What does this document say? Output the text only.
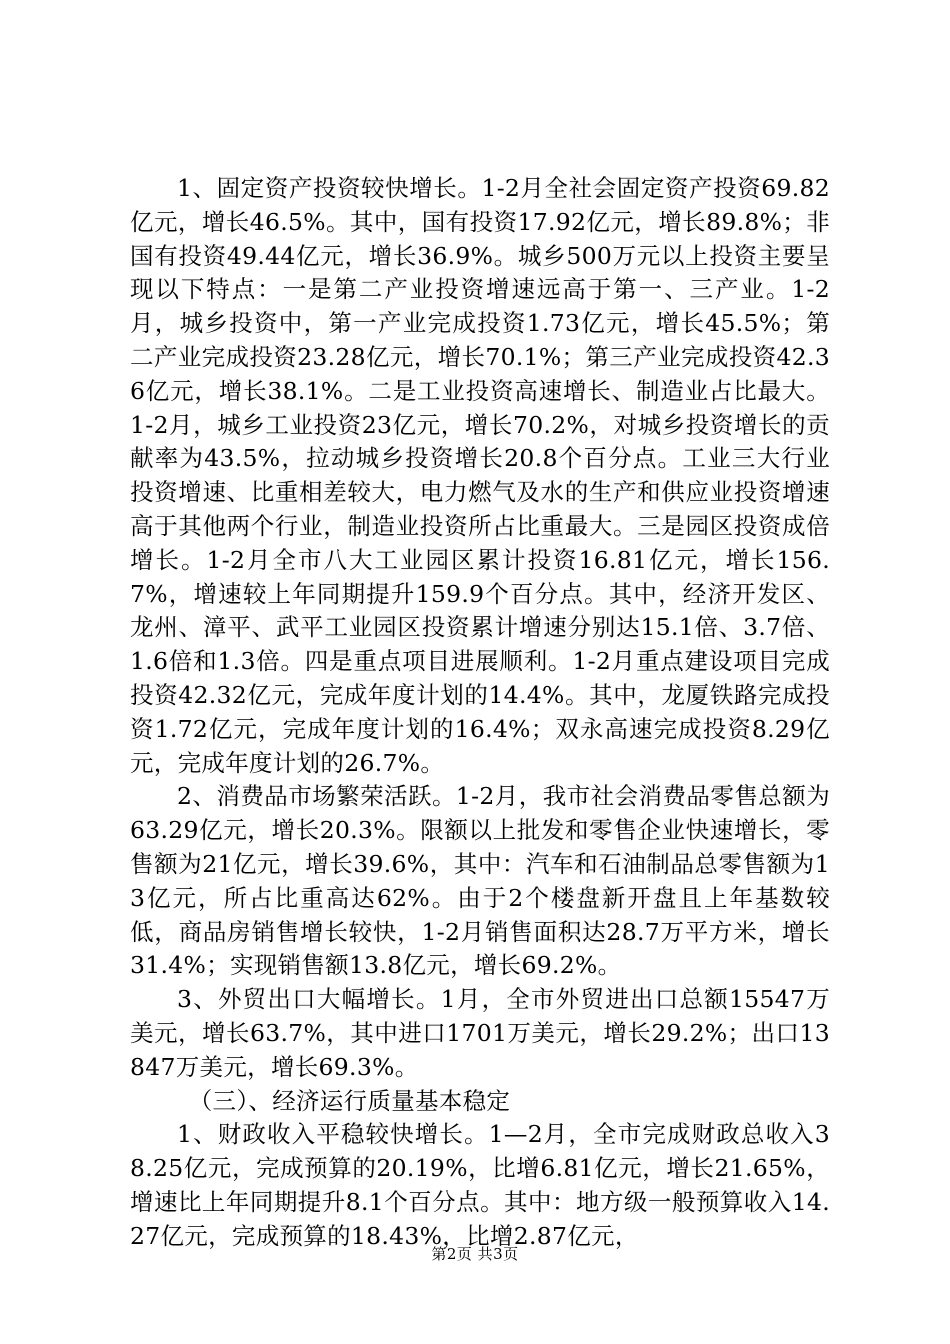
1、固定资产投资较快增长。1-2月全社会固定资产投资69.82亿元，增长46.5%。其中，国有投资17.92亿元，增长89.8%；非国有投资49.44亿元，增长36.9%。城乡500万元以上投资主要呈现以下特点：一是第二产业投资增速远高于第一、三产业。1-2月，城乡投资中，第一产业完成投资1.73亿元，增长45.5%；第二产业完成投资23.28亿元，增长70.1%；第三产业完成投资42.36亿元，增长38.1%。二是工业投资高速增长、制造业占比最大。1-2月，城乡工业投资23亿元，增长70.2%，对城乡投资增长的贡献率为43.5%，拉动城乡投资增长20.8个百分点。工业三大行业投资增速、比重相差较大，电力燃气及水的生产和供应业投资增速高于其他两个行业，制造业投资所占比重最大。三是园区投资成倍增长。1-2月全市八大工业园区累计投资16.81亿元，增长156.7%，增速较上年同期提升159.9个百分点。其中，经济开发区、龙州、漳平、武平工业园区投资累计增速分别达15.1倍、3.7倍、1.6倍和1.3倍。四是重点项目进展顺利。1-2月重点建设项目完成投资42.32亿元，完成年度计划的14.4%。其中，龙厦铁路完成投资1.72亿元，完成年度计划的16.4%；双永高速完成投资8.29亿元，完成年度计划的26.7%。

2、消费品市场繁荣活跃。1-2月，我市社会消费品零售总额为63.29亿元，增长20.3%。限额以上批发和零售企业快速增长，零售额为21亿元，增长39.6%，其中：汽车和石油制品总零售额为13亿元，所占比重高达62%。由于2个楼盘新开盘且上年基数较低，商品房销售增长较快，1-2月销售面积达28.7万平方米，增长31.4%；实现销售额13.8亿元，增长69.2%。

3、外贸出口大幅增长。1月，全市外贸进出口总额15547万美元，增长63.7%，其中进口1701万美元，增长29.2%；出口13847万美元，增长69.3%。

（三）、经济运行质量基本稳定

1、财政收入平稳较快增长。1—2月，全市完成财政总收入38.25亿元，完成预算的20.19%，比增6.81亿元，增长21.65%，增速比上年同期提升8.1个百分点。其中：地方级一般预算收入14.27亿元，完成预算的18.43%，比增2.87亿元，

第2页 共3页
